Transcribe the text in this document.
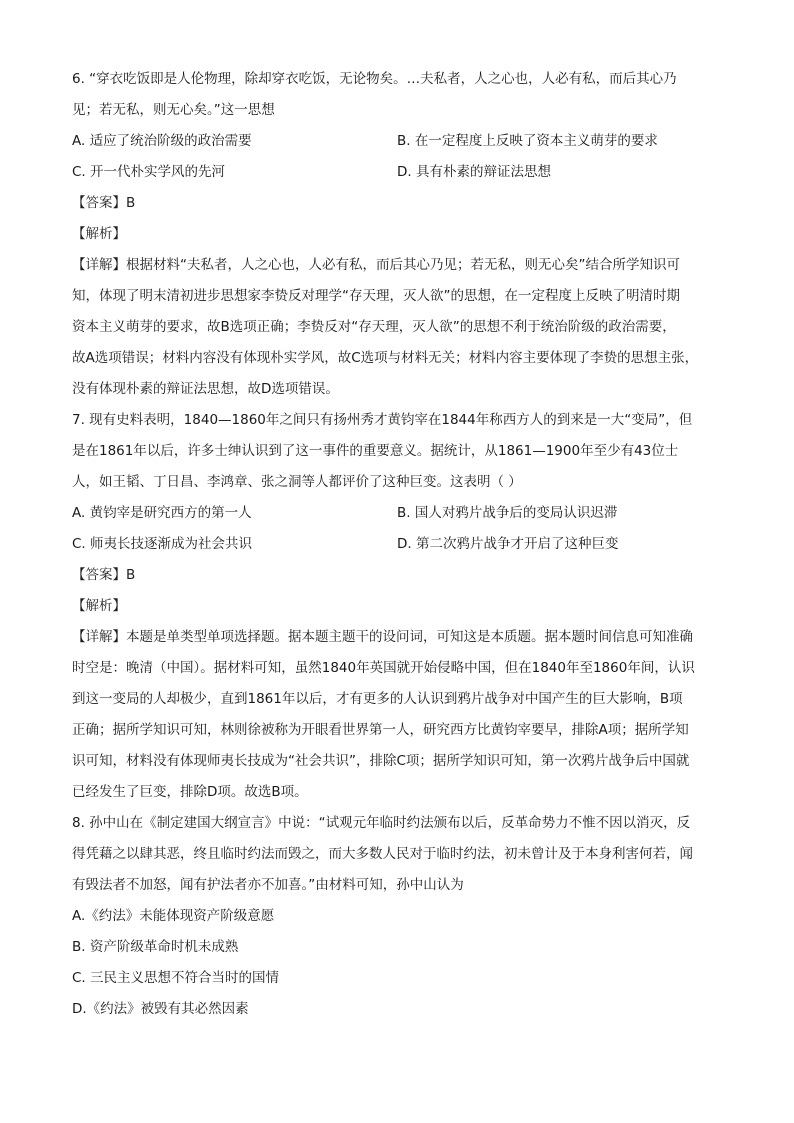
6. “穿衣吃饭即是人伦物理，除却穿衣吃饭，无论物矣。…夫私者，人之心也，人必有私，而后其心乃
见；若无私，则无心矣。”这一思想
A. 适应了统治阶级的政治需要	B. 在一定程度上反映了资本主义萌芽的要求
C. 开一代朴实学风的先河	D. 具有朴素的辩证法思想
【答案】B
【解析】
【详解】根据材料“夫私者，人之心也，人必有私，而后其心乃见；若无私，则无心矣”结合所学知识可
知，体现了明末清初进步思想家李贽反对理学“存天理，灭人欲”的思想，在一定程度上反映了明清时期
资本主义萌芽的要求，故B选项正确；李贽反对“存天理，灭人欲”的思想不利于统治阶级的政治需要，
故A选项错误；材料内容没有体现朴实学风，故C选项与材料无关；材料内容主要体现了李贽的思想主张，
没有体现朴素的辩证法思想，故D选项错误。
7. 现有史料表明，1840—1860年之间只有扬州秀才黄钧宰在1844年称西方人的到来是一大“变局”，但
是在1861年以后，许多士绅认识到了这一事件的重要意义。据统计，从1861—1900年至少有43位士
人，如王韬、丁日昌、李鸿章、张之洞等人都评价了这种巨变。这表明（ ）
A. 黄钧宰是研究西方的第一人	B. 国人对鸦片战争后的变局认识迟滞
C. 师夷长技逐渐成为社会共识	D. 第二次鸦片战争才开启了这种巨变
【答案】B
【解析】
【详解】本题是单类型单项选择题。据本题主题干的设问词，可知这是本质题。据本题时间信息可知准确
时空是：晚清（中国）。据材料可知，虽然1840年英国就开始侵略中国，但在1840年至1860年间，认识
到这一变局的人却极少，直到1861年以后，才有更多的人认识到鸦片战争对中国产生的巨大影响，B项
正确；据所学知识可知，林则徐被称为开眼看世界第一人，研究西方比黄钧宰要早，排除A项；据所学知
识可知，材料没有体现师夷长技成为“社会共识”，排除C项；据所学知识可知，第一次鸦片战争后中国就
已经发生了巨变，排除D项。故选B项。
8. 孙中山在《制定建国大纲宣言》中说：“试观元年临时约法颁布以后，反革命势力不惟不因以消灭，反
得凭藉之以肆其恶，终且临时约法而毁之，而大多数人民对于临时约法，初未曾计及于本身利害何若，闻
有毁法者不加怒，闻有护法者亦不加喜。”由材料可知，孙中山认为
A.《约法》未能体现资产阶级意愿
B. 资产阶级革命时机未成熟
C. 三民主义思想不符合当时的国情
D.《约法》被毁有其必然因素
